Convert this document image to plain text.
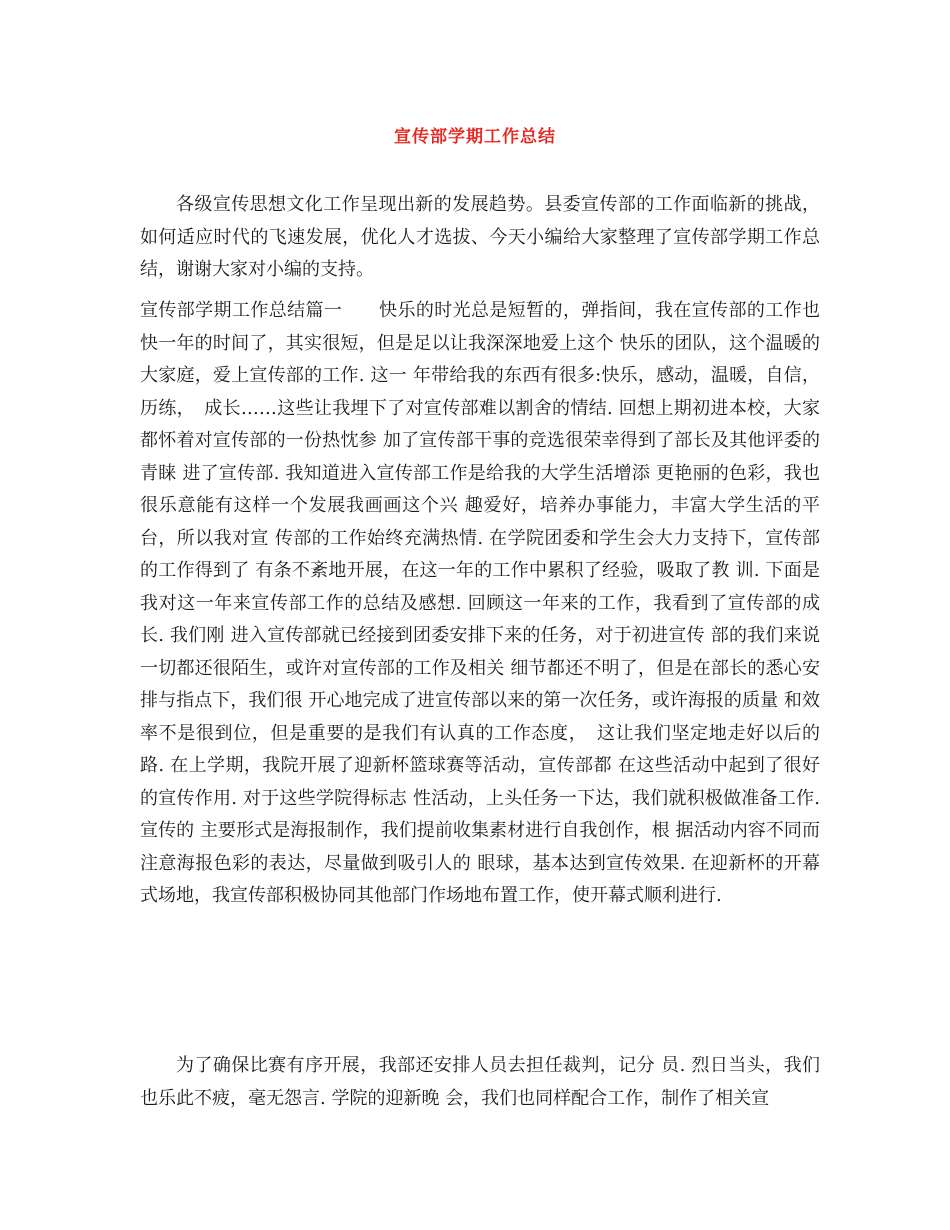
宣传部学期工作总结

各级宣传思想文化工作呈现出新的发展趋势。县委宣传部的工作面临新的挑战，如何适应时代的飞速发展，优化人才选拔、今天小编给大家整理了宣传部学期工作总结，谢谢大家对小编的支持。

宣传部学期工作总结篇一　　快乐的时光总是短暂的，弹指间，我在宣传部的工作也 快一年的时间了，其实很短，但是足以让我深深地爱上这个 快乐的团队，这个温暖的大家庭，爱上宣传部的工作. 这一 年带给我的东西有很多:快乐，感动，温暖，自信，历练，　成长……这些让我埋下了对宣传部难以割舍的情结. 回想上期初进本校，大家都怀着对宣传部的一份热忱参 加了宣传部干事的竞选很荣幸得到了部长及其他评委的青睐 进了宣传部. 我知道进入宣传部工作是给我的大学生活增添 更艳丽的色彩，我也很乐意能有这样一个发展我画画这个兴 趣爱好，培养办事能力，丰富大学生活的平台，所以我对宣 传部的工作始终充满热情. 在学院团委和学生会大力支持下，宣传部的工作得到了 有条不紊地开展，在这一年的工作中累积了经验，吸取了教 训. 下面是我对这一年来宣传部工作的总结及感想. 回顾这一年来的工作，我看到了宣传部的成长. 我们刚 进入宣传部就已经接到团委安排下来的任务，对于初进宣传 部的我们来说一切都还很陌生，或许对宣传部的工作及相关 细节都还不明了，但是在部长的悉心安排与指点下，我们很 开心地完成了进宣传部以来的第一次任务，或许海报的质量 和效率不是很到位，但是重要的是我们有认真的工作态度，　这让我们坚定地走好以后的路. 在上学期，我院开展了迎新杯篮球赛等活动，宣传部都 在这些活动中起到了很好的宣传作用. 对于这些学院得标志 性活动，上头任务一下达，我们就积极做准备工作. 宣传的 主要形式是海报制作，我们提前收集素材进行自我创作，根 据活动内容不同而注意海报色彩的表达，尽量做到吸引人的 眼球，基本达到宣传效果. 在迎新杯的开幕式场地，我宣传部积极协同其他部门作场地布置工作，使开幕式顺利进行.

为了确保比赛有序开展，我部还安排人员去担任裁判，记分 员. 烈日当头，我们也乐此不疲，毫无怨言. 学院的迎新晚 会，我们也同样配合工作，制作了相关宣
